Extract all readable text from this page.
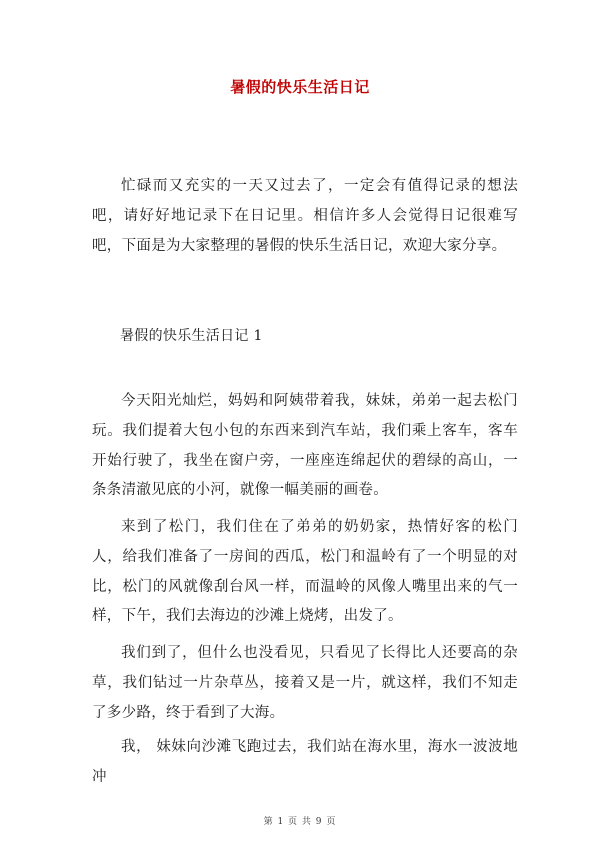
暑假的快乐生活日记

忙碌而又充实的一天又过去了，一定会有值得记录的想法吧，请好好地记录下在日记里。相信许多人会觉得日记很难写吧，下面是为大家整理的暑假的快乐生活日记，欢迎大家分享。

暑假的快乐生活日记 1

今天阳光灿烂，妈妈和阿姨带着我，妹妹，弟弟一起去松门玩。我们提着大包小包的东西来到汽车站，我们乘上客车，客车开始行驶了，我坐在窗户旁，一座座连绵起伏的碧绿的高山，一条条清澈见底的小河，就像一幅美丽的画卷。

来到了松门，我们住在了弟弟的奶奶家，热情好客的松门人，给我们准备了一房间的西瓜，松门和温岭有了一个明显的对比，松门的风就像刮台风一样，而温岭的风像人嘴里出来的气一样，下午，我们去海边的沙滩上烧烤，出发了。

我们到了，但什么也没看见，只看见了长得比人还要高的杂草，我们钻过一片杂草丛，接着又是一片，就这样，我们不知走了多少路，终于看到了大海。

我， 妹妹向沙滩飞跑过去，我们站在海水里，海水一波波地冲

第 1 页 共 9 页
